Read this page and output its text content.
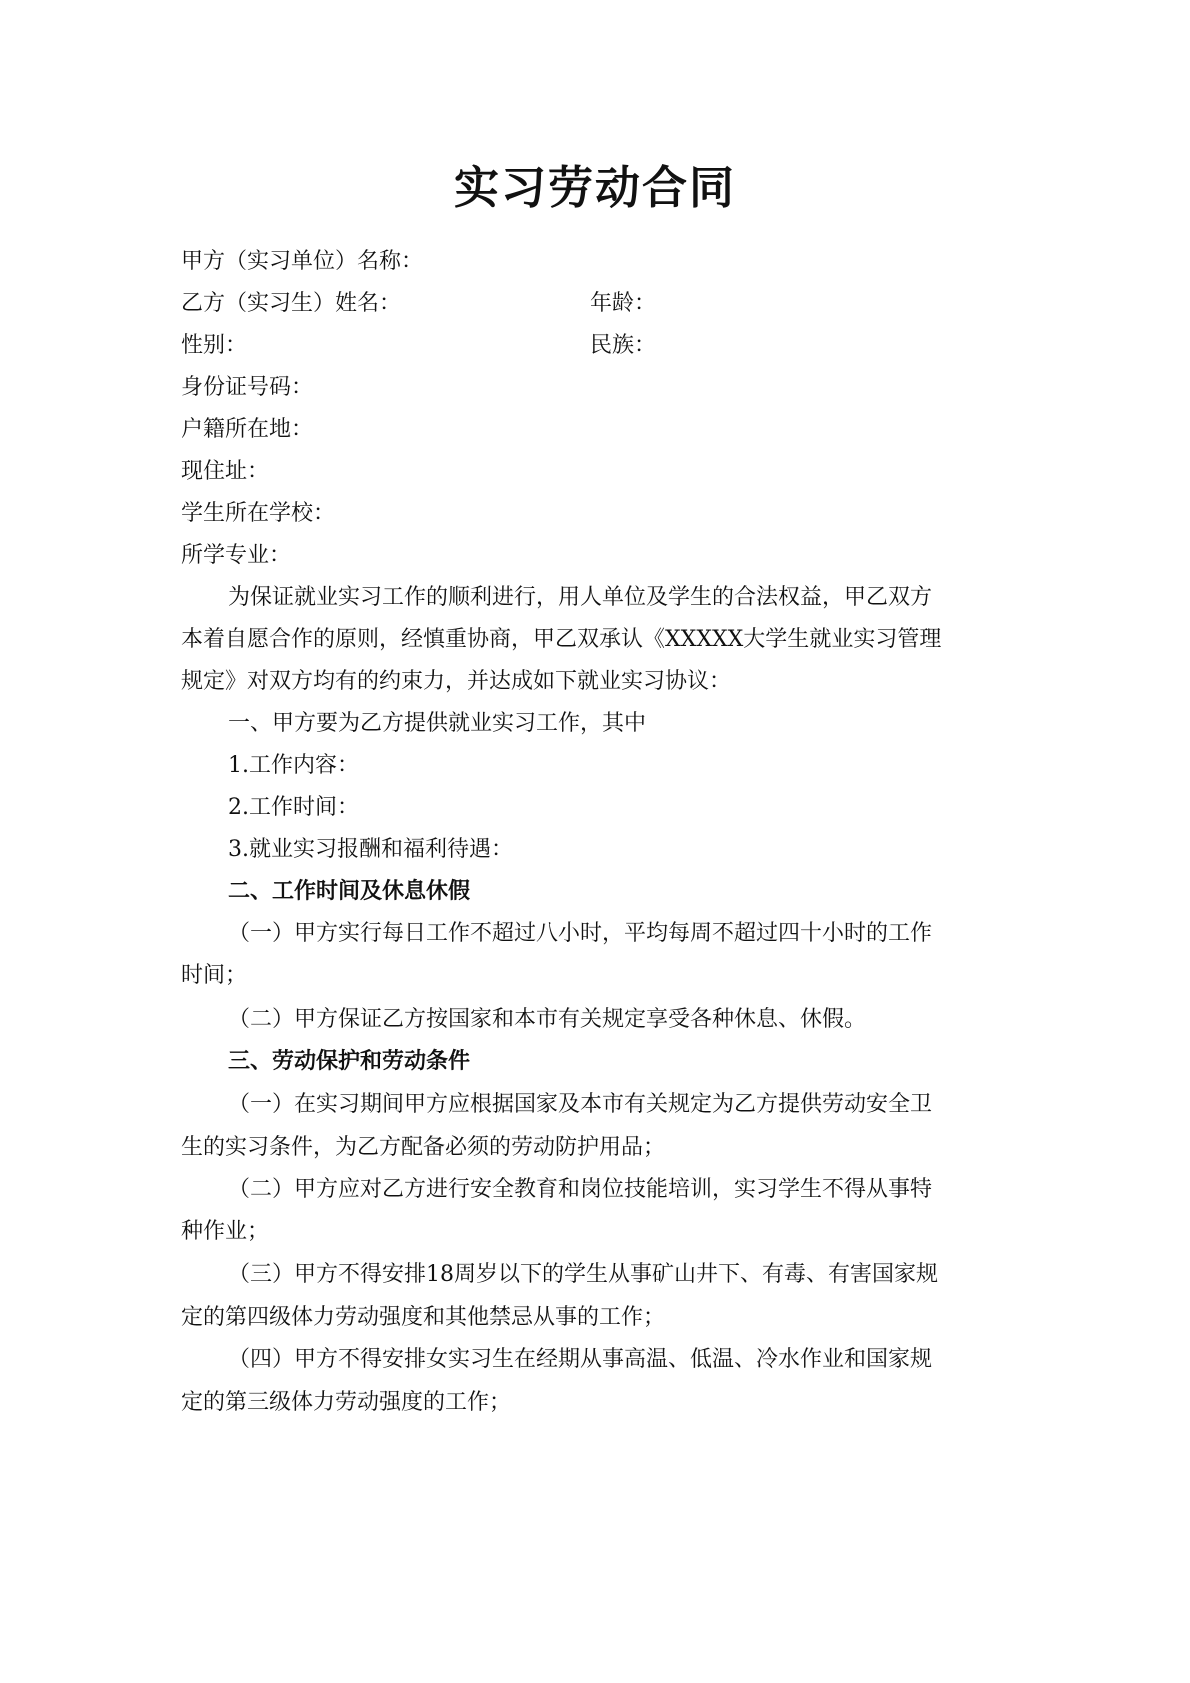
实习劳动合同
甲方（实习单位）名称：
乙方（实习生）姓名：	年龄：
性别：	民族：
身份证号码：
户籍所在地：
现住址：
学生所在学校：
所学专业：
为保证就业实习工作的顺利进行，用人单位及学生的合法权益，甲乙双方
本着自愿合作的原则，经慎重协商，甲乙双承认《XXXXX大学生就业实习管理
规定》对双方均有的约束力，并达成如下就业实习协议：
一、甲方要为乙方提供就业实习工作，其中
1.工作内容：
2.工作时间：
3.就业实习报酬和福利待遇：
二、工作时间及休息休假
（一）甲方实行每日工作不超过八小时，平均每周不超过四十小时的工作
时间；
（二）甲方保证乙方按国家和本市有关规定享受各种休息、休假。
三、劳动保护和劳动条件
（一）在实习期间甲方应根据国家及本市有关规定为乙方提供劳动安全卫
生的实习条件，为乙方配备必须的劳动防护用品；
（二）甲方应对乙方进行安全教育和岗位技能培训，实习学生不得从事特
种作业；
（三）甲方不得安排18周岁以下的学生从事矿山井下、有毒、有害国家规
定的第四级体力劳动强度和其他禁忌从事的工作；
（四）甲方不得安排女实习生在经期从事高温、低温、冷水作业和国家规
定的第三级体力劳动强度的工作；
